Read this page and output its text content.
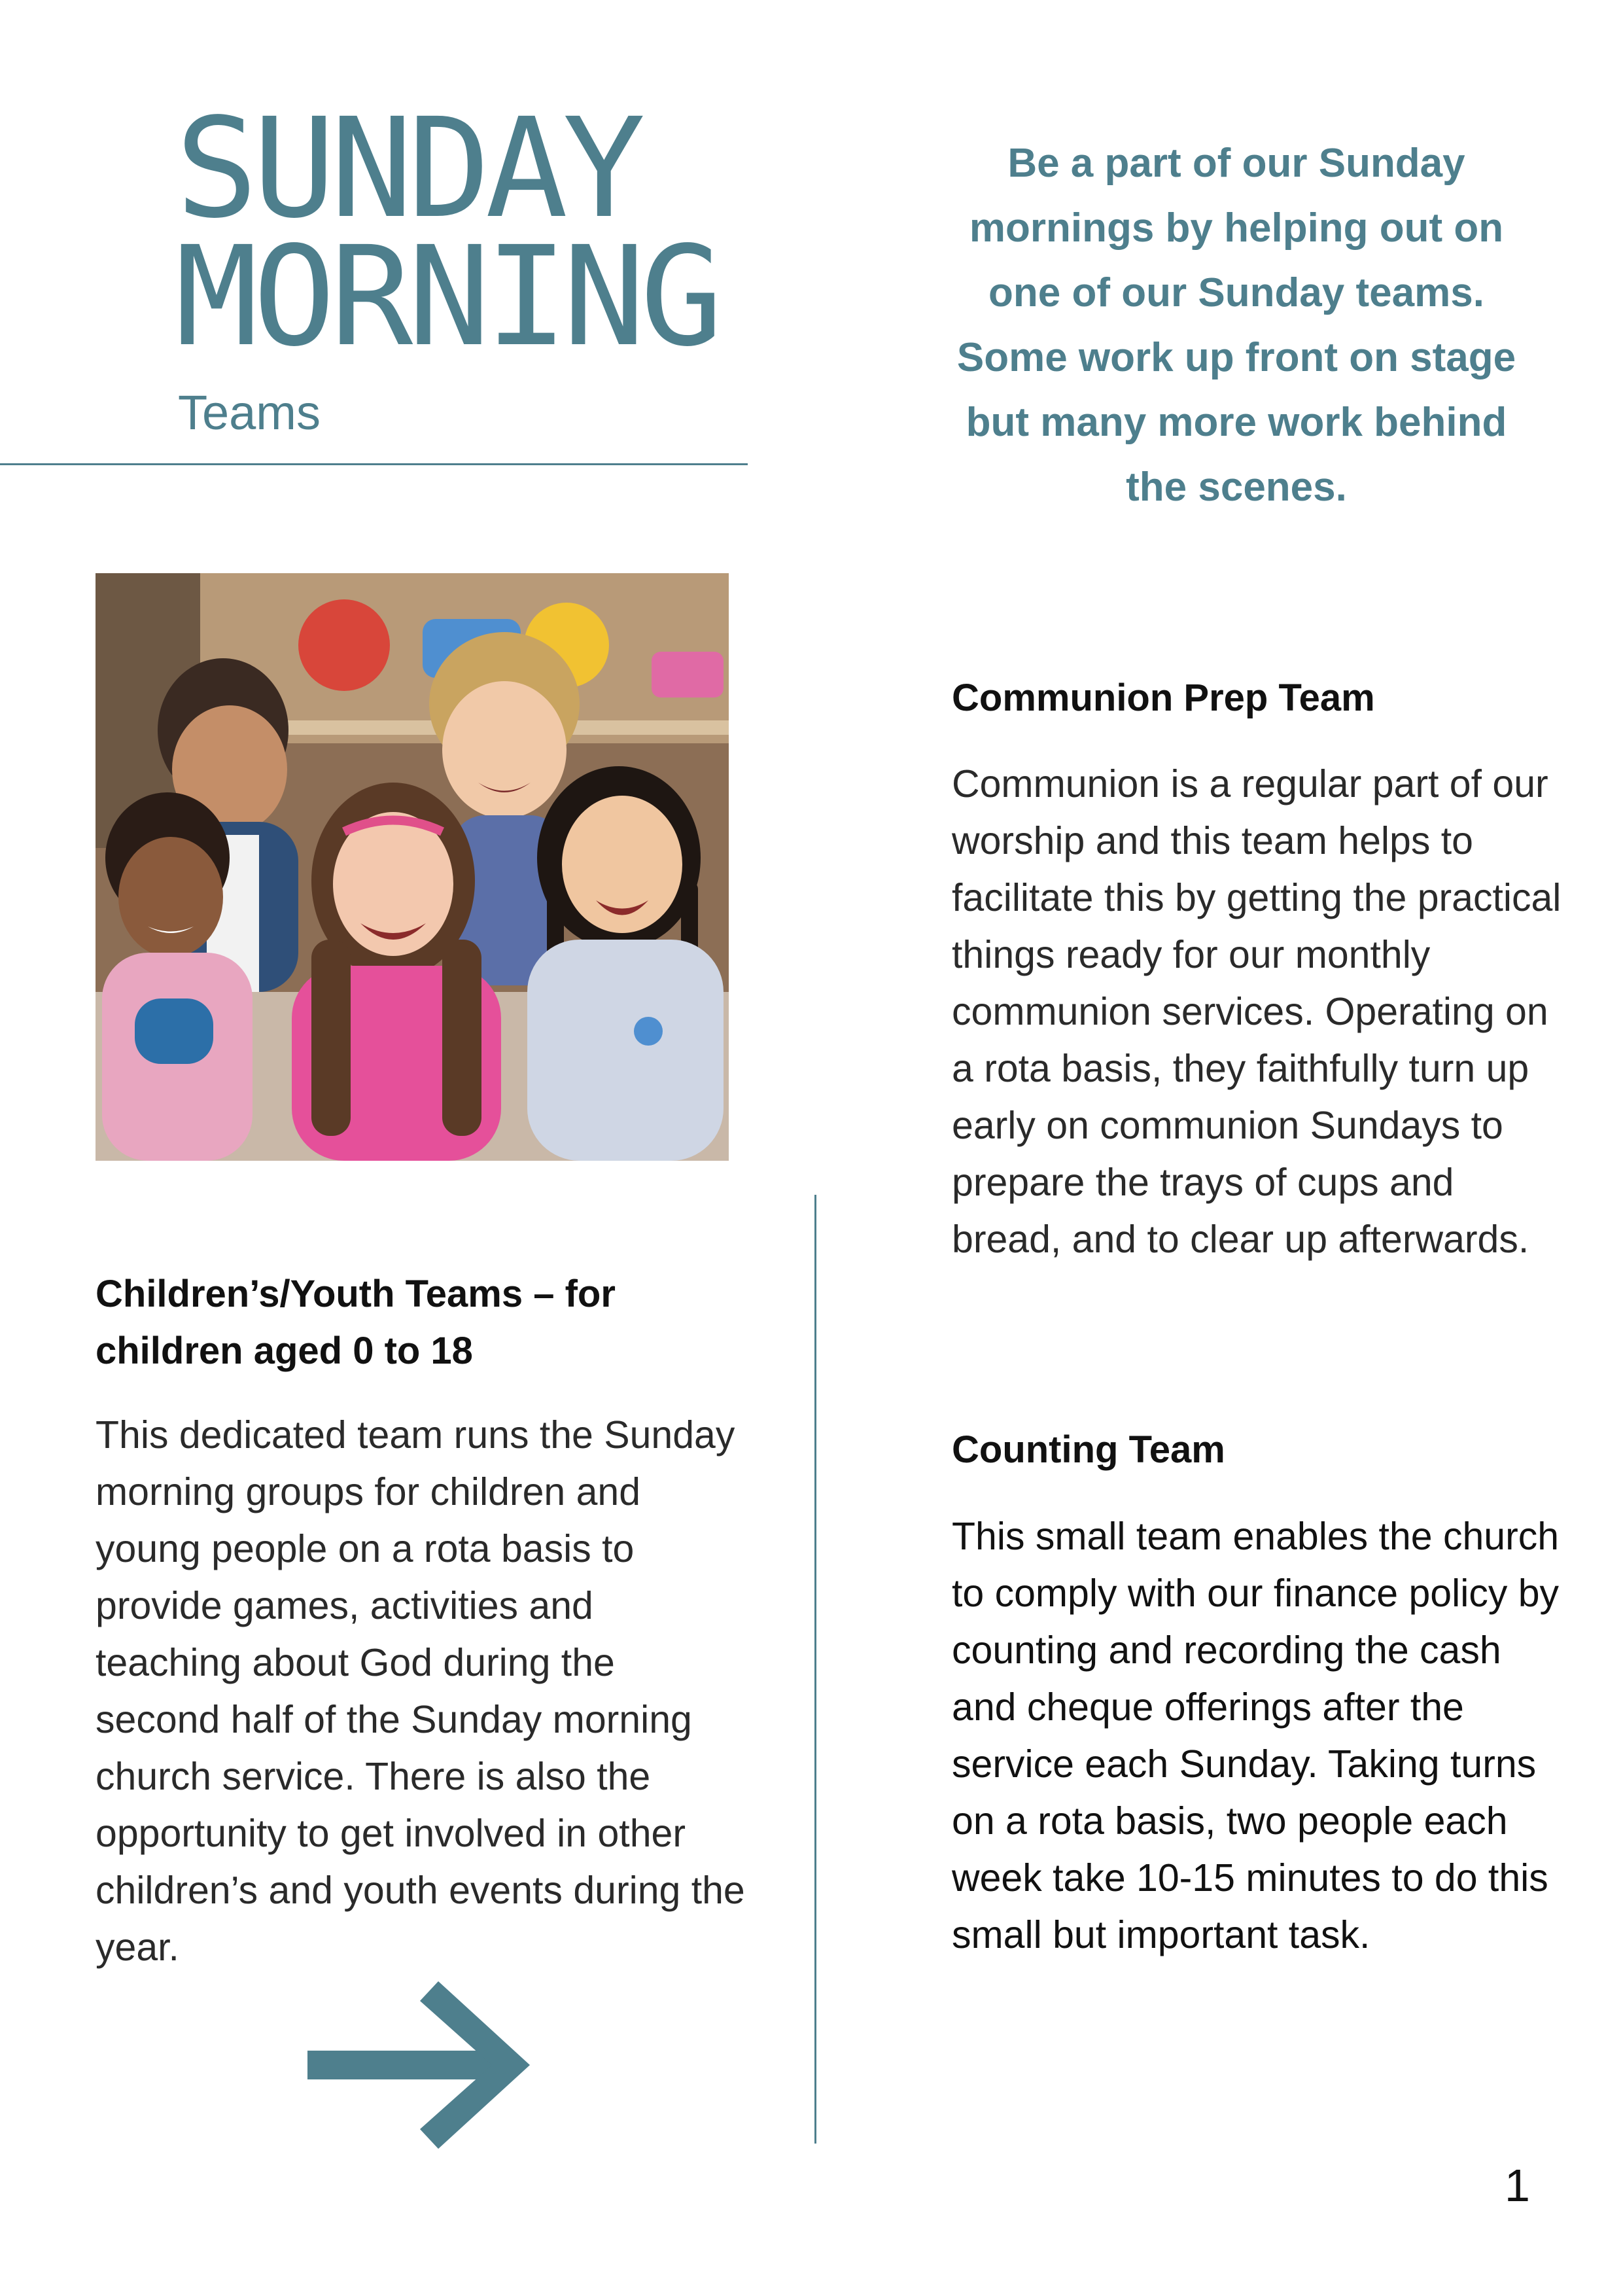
SUNDAY
MORNING
Teams
Be a part of our Sunday mornings by helping out on one of our Sunday teams. Some work up front on stage but many more work behind the scenes.
Children’s/Youth Teams – for children aged 0 to 18

This dedicated team runs the Sunday morning groups for children and young people on a rota basis to provide games, activities and teaching about God during the second half of the Sunday morning church service. There is also the opportunity to get involved in other children’s and youth events during the year.

Communion Prep Team

Communion is a regular part of our worship and this team helps to facilitate this by getting the practical things ready for our monthly communion services. Operating on a rota basis, they faithfully turn up early on communion Sundays to prepare the trays of cups and bread, and to clear up afterwards.

Counting Team

This small team enables the church to comply with our finance policy by counting and recording the cash and cheque offerings after the service each Sunday. Taking turns on a rota basis, two people each week take 10-15 minutes to do this small but important task.

1
